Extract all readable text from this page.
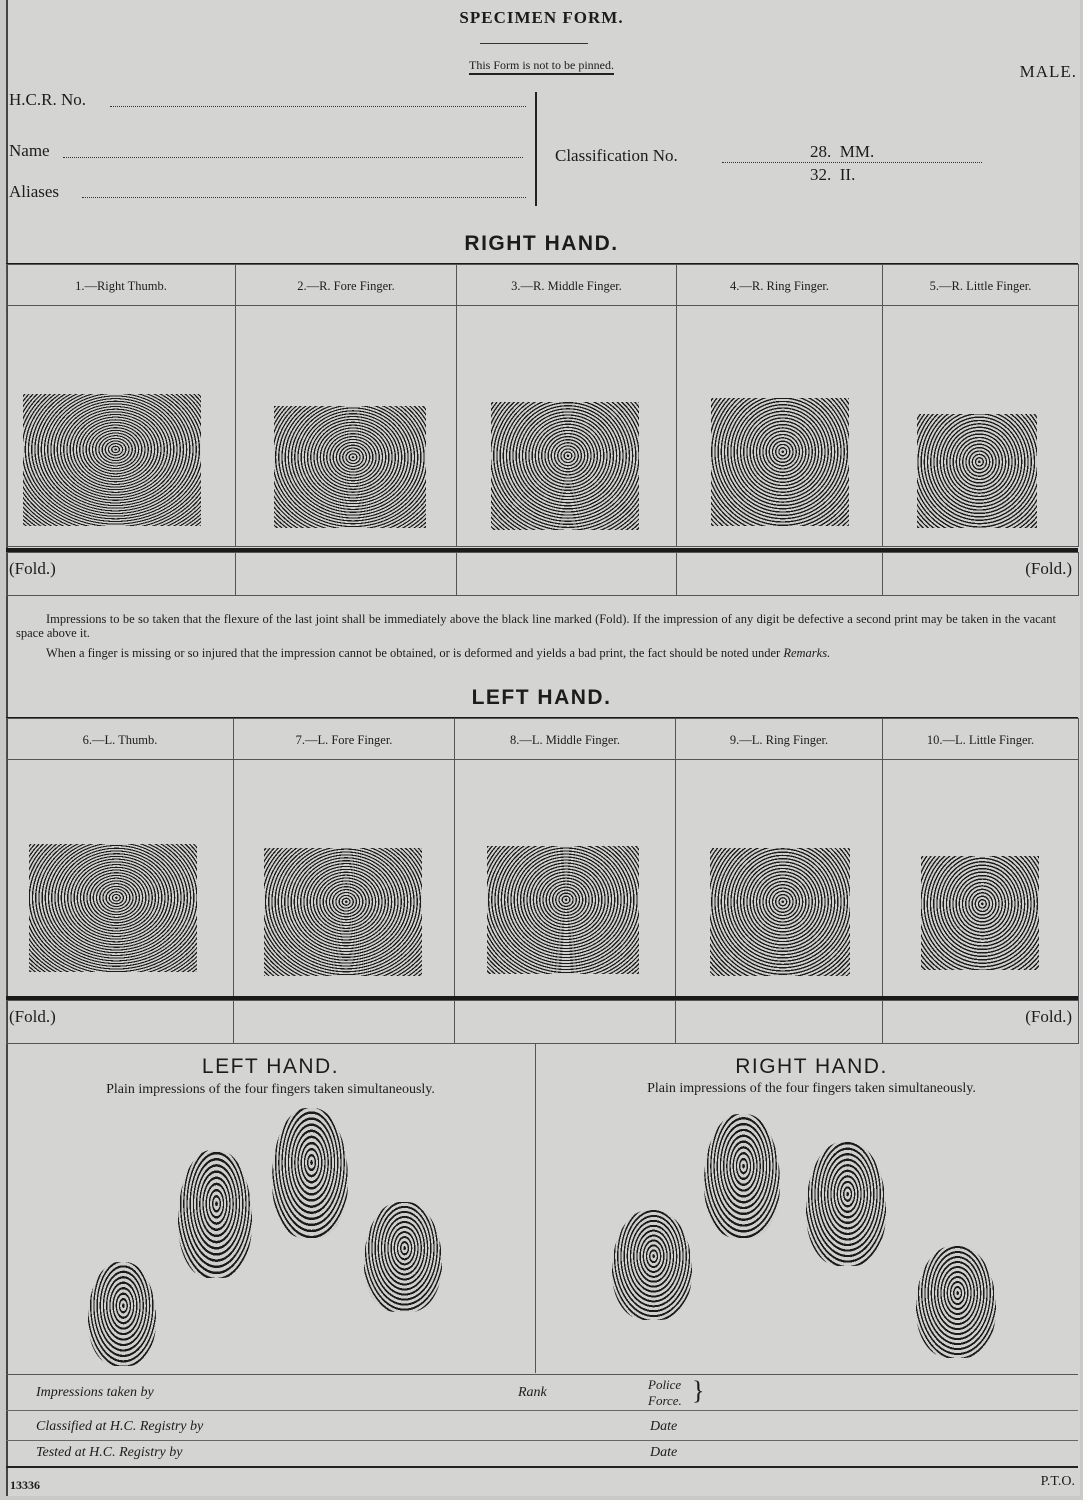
SPECIMEN FORM.
This Form is not to be pinned.	MALE.
H.C.R. No.
Name
Aliases
Classification No.	28.  MM.
32.  II.
RIGHT HAND.
1.—Right Thumb.	2.—R. Fore Finger.	3.—R. Middle Finger.	4.—R. Ring Finger.	5.—R. Little Finger.
(Fold.)				(Fold.)
Impressions to be so taken that the flexure of the last joint shall be immediately above the black line marked (Fold). If the impression of any digit be defective a second print may be taken in the vacant space above it.
When a finger is missing or so injured that the impression cannot be obtained, or is deformed and yields a bad print, the fact should be noted under Remarks.
LEFT HAND.
6.—L. Thumb.	7.—L. Fore Finger.	8.—L. Middle Finger.	9.—L. Ring Finger.	10.—L. Little Finger.
(Fold.)				(Fold.)
LEFT HAND.
Plain impressions of the four fingers taken simultaneously.
RIGHT HAND.
Plain impressions of the four fingers taken simultaneously.
Impressions taken by	Rank
Police
Force. }
Classified at H.C. Registry by	Date
Tested at H.C. Registry by	Date
13336	P.T.O.
